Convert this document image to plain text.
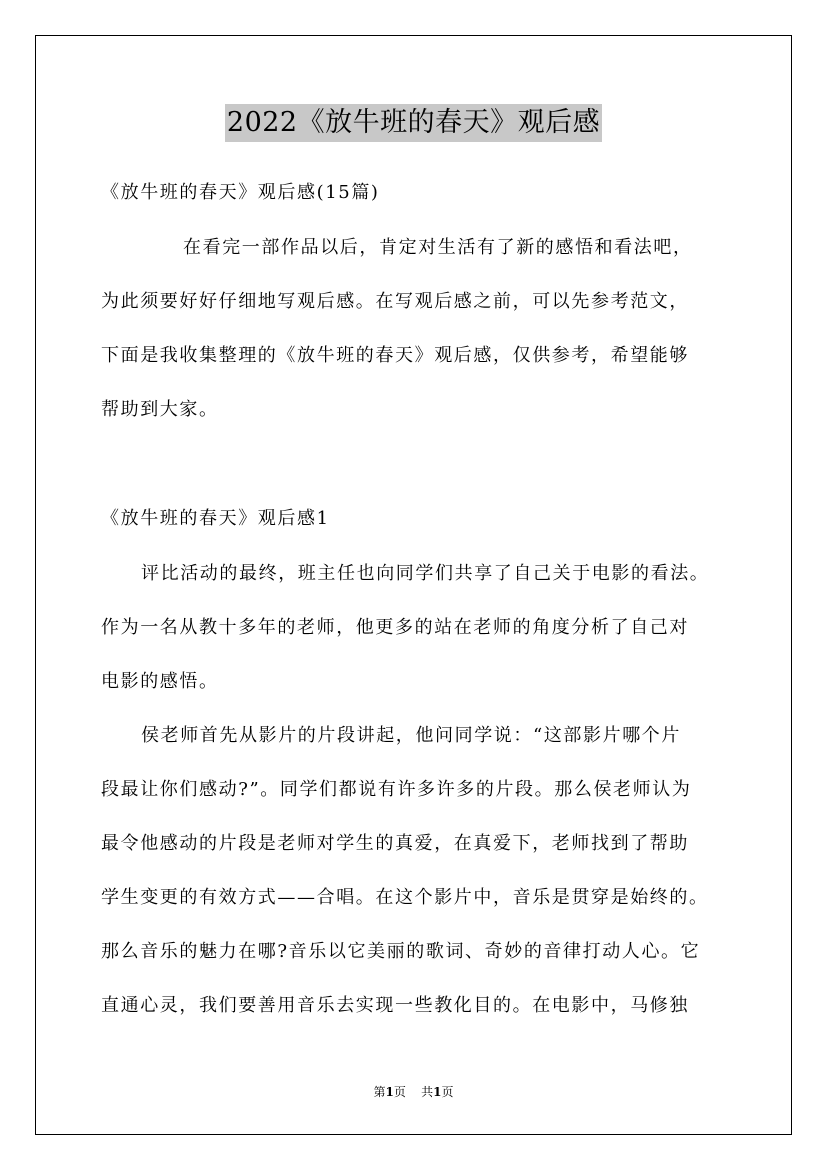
2022《放牛班的春天》观后感
《放牛班的春天》观后感(15篇)
在看完一部作品以后，肯定对生活有了新的感悟和看法吧，
为此须要好好仔细地写观后感。在写观后感之前，可以先参考范文，
下面是我收集整理的《放牛班的春天》观后感，仅供参考，希望能够
帮助到大家。
《放牛班的春天》观后感1
评比活动的最终，班主任也向同学们共享了自己关于电影的看法。
作为一名从教十多年的老师，他更多的站在老师的角度分析了自己对
电影的感悟。
侯老师首先从影片的片段讲起，他问同学说：“这部影片哪个片
段最让你们感动?”。同学们都说有许多许多的片段。那么侯老师认为
最令他感动的片段是老师对学生的真爱，在真爱下，老师找到了帮助
学生变更的有效方式——合唱。在这个影片中，音乐是贯穿是始终的。
那么音乐的魅力在哪?音乐以它美丽的歌词、奇妙的音律打动人心。它
直通心灵，我们要善用音乐去实现一些教化目的。在电影中，马修独
第1页 共1页
